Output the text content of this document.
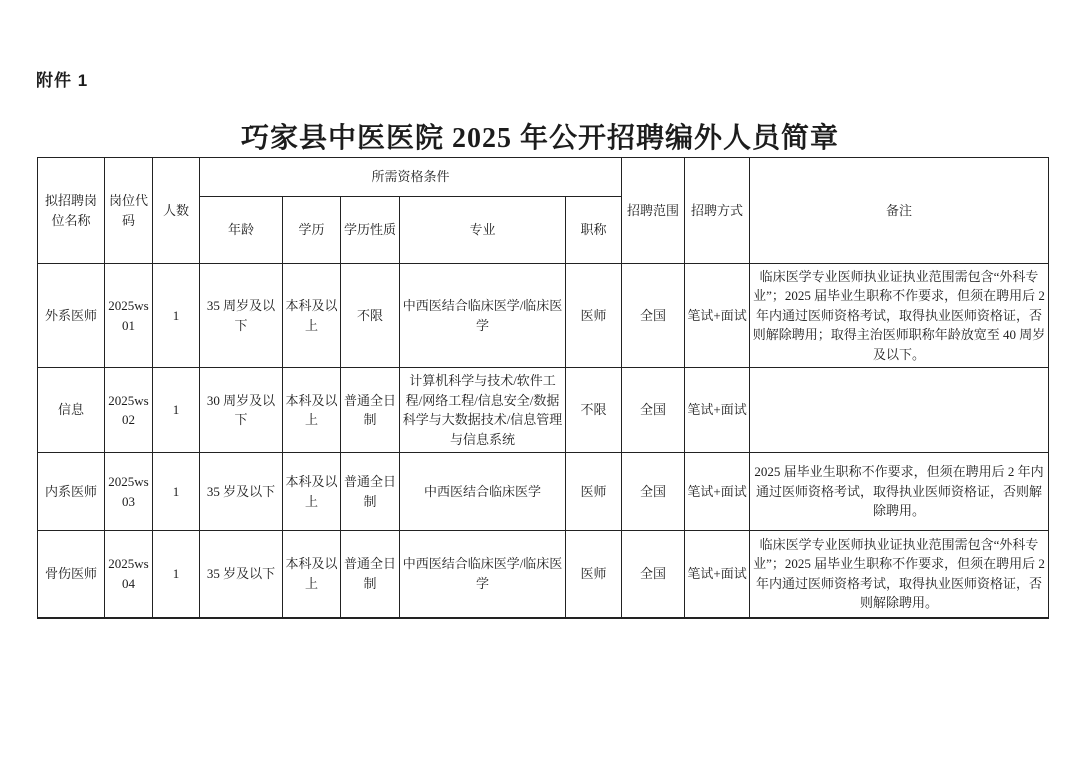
附件 1
巧家县中医医院 2025 年公开招聘编外人员简章
拟招聘岗位名称	岗位代码	人数	所需资格条件					招聘范围	招聘方式	备注
			年龄	学历	学历性质	专业	职称			
外系医师	2025ws01	1	35 周岁及以下	本科及以上	不限	中西医结合临床医学/临床医学	医师	全国	笔试+面试	临床医学专业医师执业证执业范围需包含“外科专业”；2025 届毕业生职称不作要求，但须在聘用后 2 年内通过医师资格考试，取得执业医师资格证，否则解除聘用；取得主治医师职称年龄放宽至 40 周岁及以下。
信息	2025ws02	1	30 周岁及以下	本科及以上	普通全日制	计算机科学与技术/软件工程/网络工程/信息安全/数据科学与大数据技术/信息管理与信息系统	不限	全国	笔试+面试	
内系医师	2025ws03	1	35 岁及以下	本科及以上	普通全日制	中西医结合临床医学	医师	全国	笔试+面试	2025 届毕业生职称不作要求，但须在聘用后 2 年内通过医师资格考试，取得执业医师资格证，否则解除聘用。
骨伤医师	2025ws04	1	35 岁及以下	本科及以上	普通全日制	中西医结合临床医学/临床医学	医师	全国	笔试+面试	临床医学专业医师执业证执业范围需包含“外科专业”；2025 届毕业生职称不作要求，但须在聘用后 2 年内通过医师资格考试，取得执业医师资格证，否则解除聘用。
